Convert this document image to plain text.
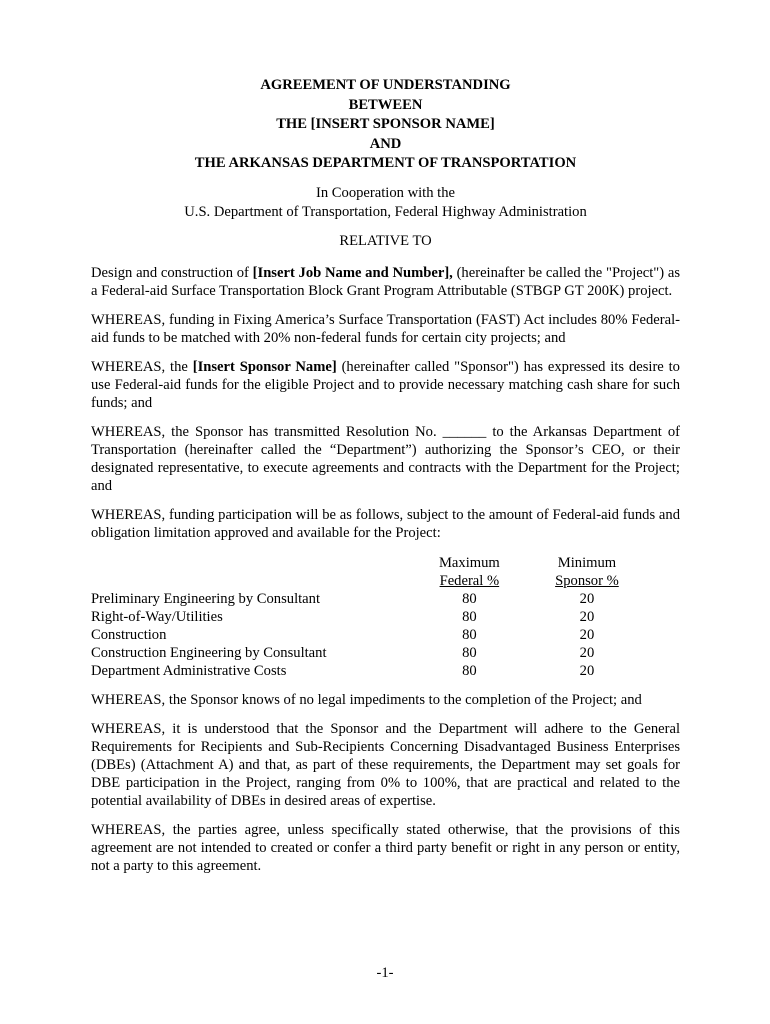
AGREEMENT OF UNDERSTANDING
BETWEEN
THE [INSERT SPONSOR NAME]
AND
THE ARKANSAS DEPARTMENT OF TRANSPORTATION
In Cooperation with the
U.S. Department of Transportation, Federal Highway Administration
RELATIVE TO

Design and construction of [Insert Job Name and Number], (hereinafter be called the "Project") as a Federal-aid Surface Transportation Block Grant Program Attributable (STBGP GT 200K) project.

WHEREAS, funding in Fixing America’s Surface Transportation (FAST) Act includes 80% Federal-aid funds to be matched with 20% non-federal funds for certain city projects; and

WHEREAS, the [Insert Sponsor Name] (hereinafter called "Sponsor") has expressed its desire to use Federal-aid funds for the eligible Project and to provide necessary matching cash share for such funds; and

WHEREAS, the Sponsor has transmitted Resolution No. ______ to the Arkansas Department of Transportation (hereinafter called the “Department”) authorizing the Sponsor’s CEO, or their designated representative, to execute agreements and contracts with the Department for the Project; and

WHEREAS, funding participation will be as follows, subject to the amount of Federal-aid funds and obligation limitation approved and available for the Project:

	Maximum	Minimum
	Federal %	Sponsor %
Preliminary Engineering by Consultant	80	20
Right-of-Way/Utilities	80	20
Construction	80	20
Construction Engineering by Consultant	80	20
Department Administrative Costs	80	20

WHEREAS, the Sponsor knows of no legal impediments to the completion of the Project; and

WHEREAS, it is understood that the Sponsor and the Department will adhere to the General Requirements for Recipients and Sub-Recipients Concerning Disadvantaged Business Enterprises (DBEs) (Attachment A) and that, as part of these requirements, the Department may set goals for DBE participation in the Project, ranging from 0% to 100%, that are practical and related to the potential availability of DBEs in desired areas of expertise.

WHEREAS, the parties agree, unless specifically stated otherwise, that the provisions of this agreement are not intended to created or confer a third party benefit or right in any person or entity, not a party to this agreement.

-1-
